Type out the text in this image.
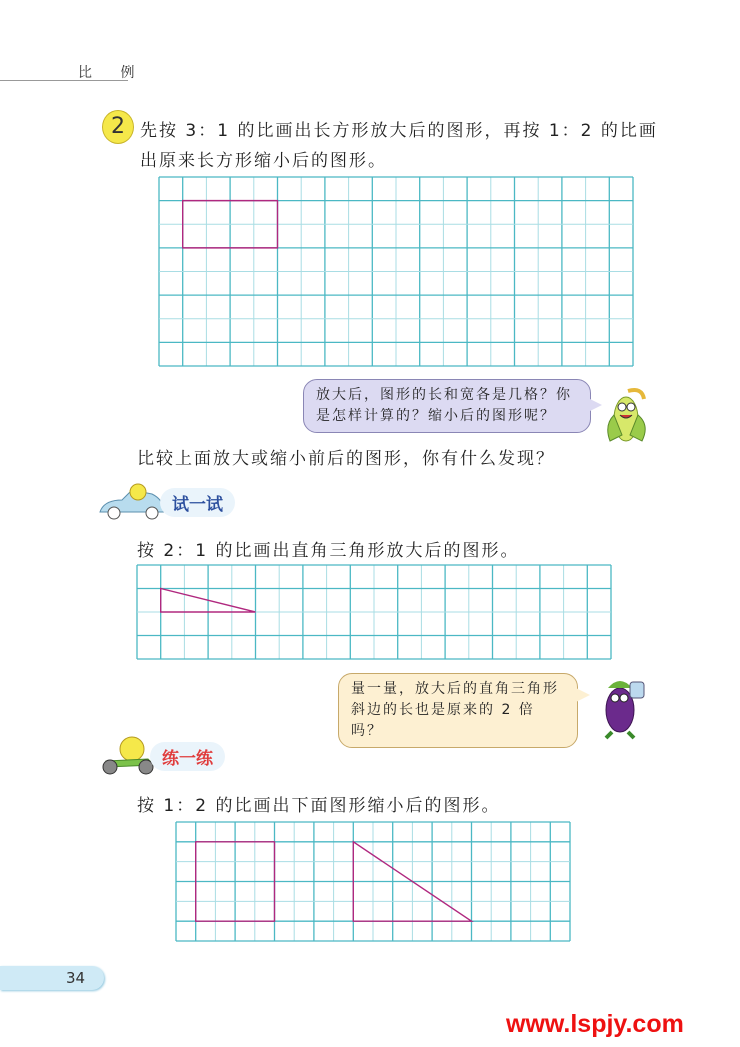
比 例
2 先按 3：1 的比画出长方形放大后的图形，再按 1：2 的比画
出原来长方形缩小后的图形。
放大后，图形的长和宽各是几格？你
是怎样计算的？缩小后的图形呢？
比较上面放大或缩小前后的图形，你有什么发现？
试一试
按 2：1 的比画出直角三角形放大后的图形。
量一量，放大后的直角三角形
斜边的长也是原来的 2 倍吗？
练一练
按 1：2 的比画出下面图形缩小后的图形。
34
www.lspjy.com
